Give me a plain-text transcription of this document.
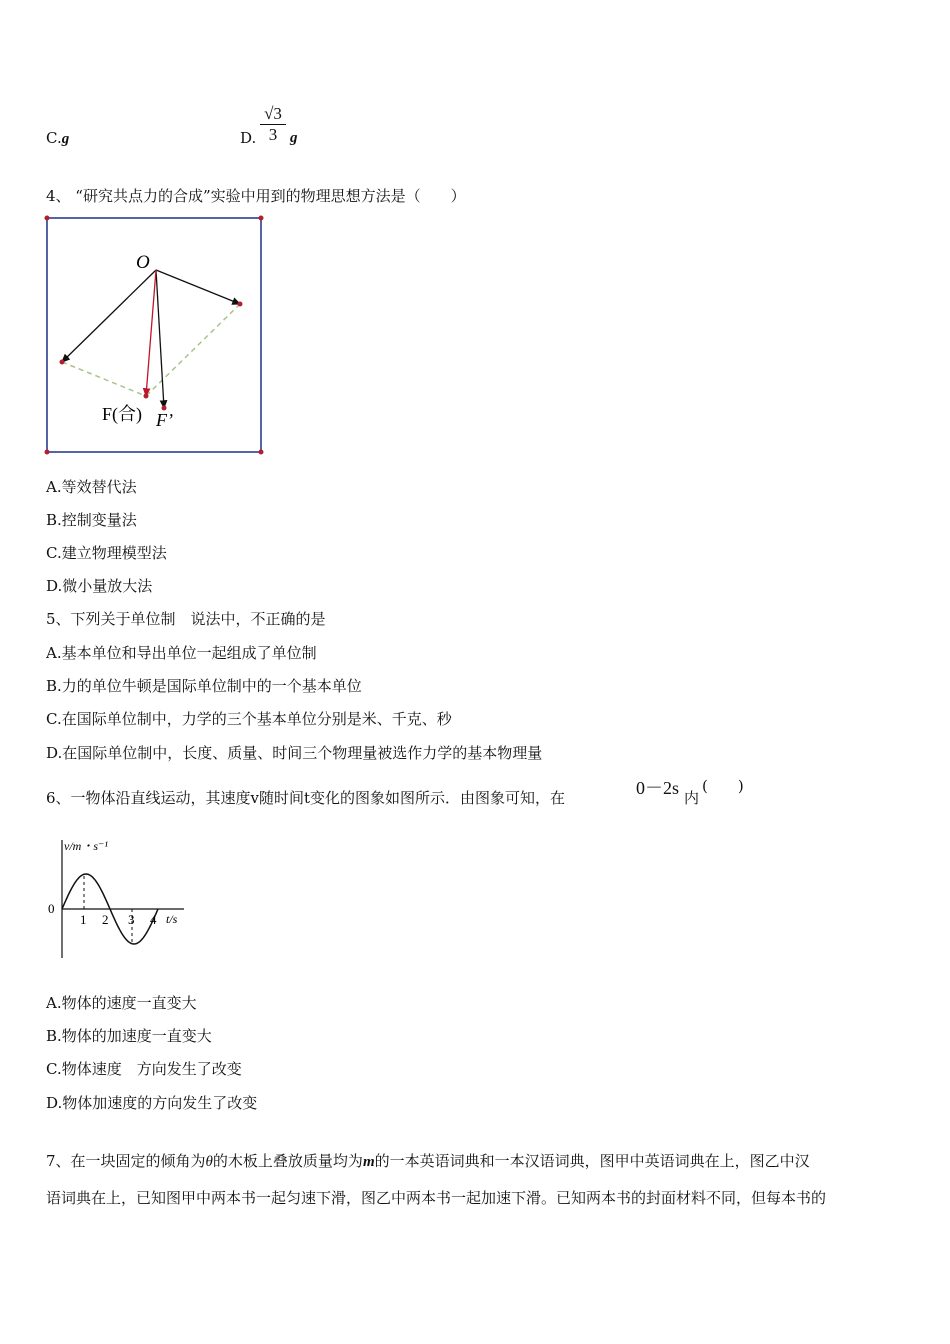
C.g	D.
√3
3 g
4、 “研究共点力的合成”实验中用到的物理思想方法是（　　）
O
F(合) F’
A.等效替代法
B.控制变量法
C.建立物理模型法
D.微小量放大法
5、下列关于单位制　说法中，不正确的是
A.基本单位和导出单位一起组成了单位制
B.力的单位牛顿是国际单位制中的一个基本单位
C.在国际单位制中，力学的三个基本单位分别是米、千克、秒
D.在国际单位制中，长度、质量、时间三个物理量被选作力学的基本物理量
6、一物体沿直线运动，其速度v随时间t变化的图象如图所示．由图象可知，在	0－2s 内
(　　)
v/m・s⁻¹
t/s
0
1 2 3 4
A.物体的速度一直变大
B.物体的加速度一直变大
C.物体速度　方向发生了改变
D.物体加速度的方向发生了改变
7、在一块固定的倾角为θ的木板上叠放质量均为m的一本英语词典和一本汉语词典，图甲中英语词典在上，图乙中汉
语词典在上，已知图甲中两本书一起匀速下滑，图乙中两本书一起加速下滑。已知两本书的封面材料不同，但每本书的
